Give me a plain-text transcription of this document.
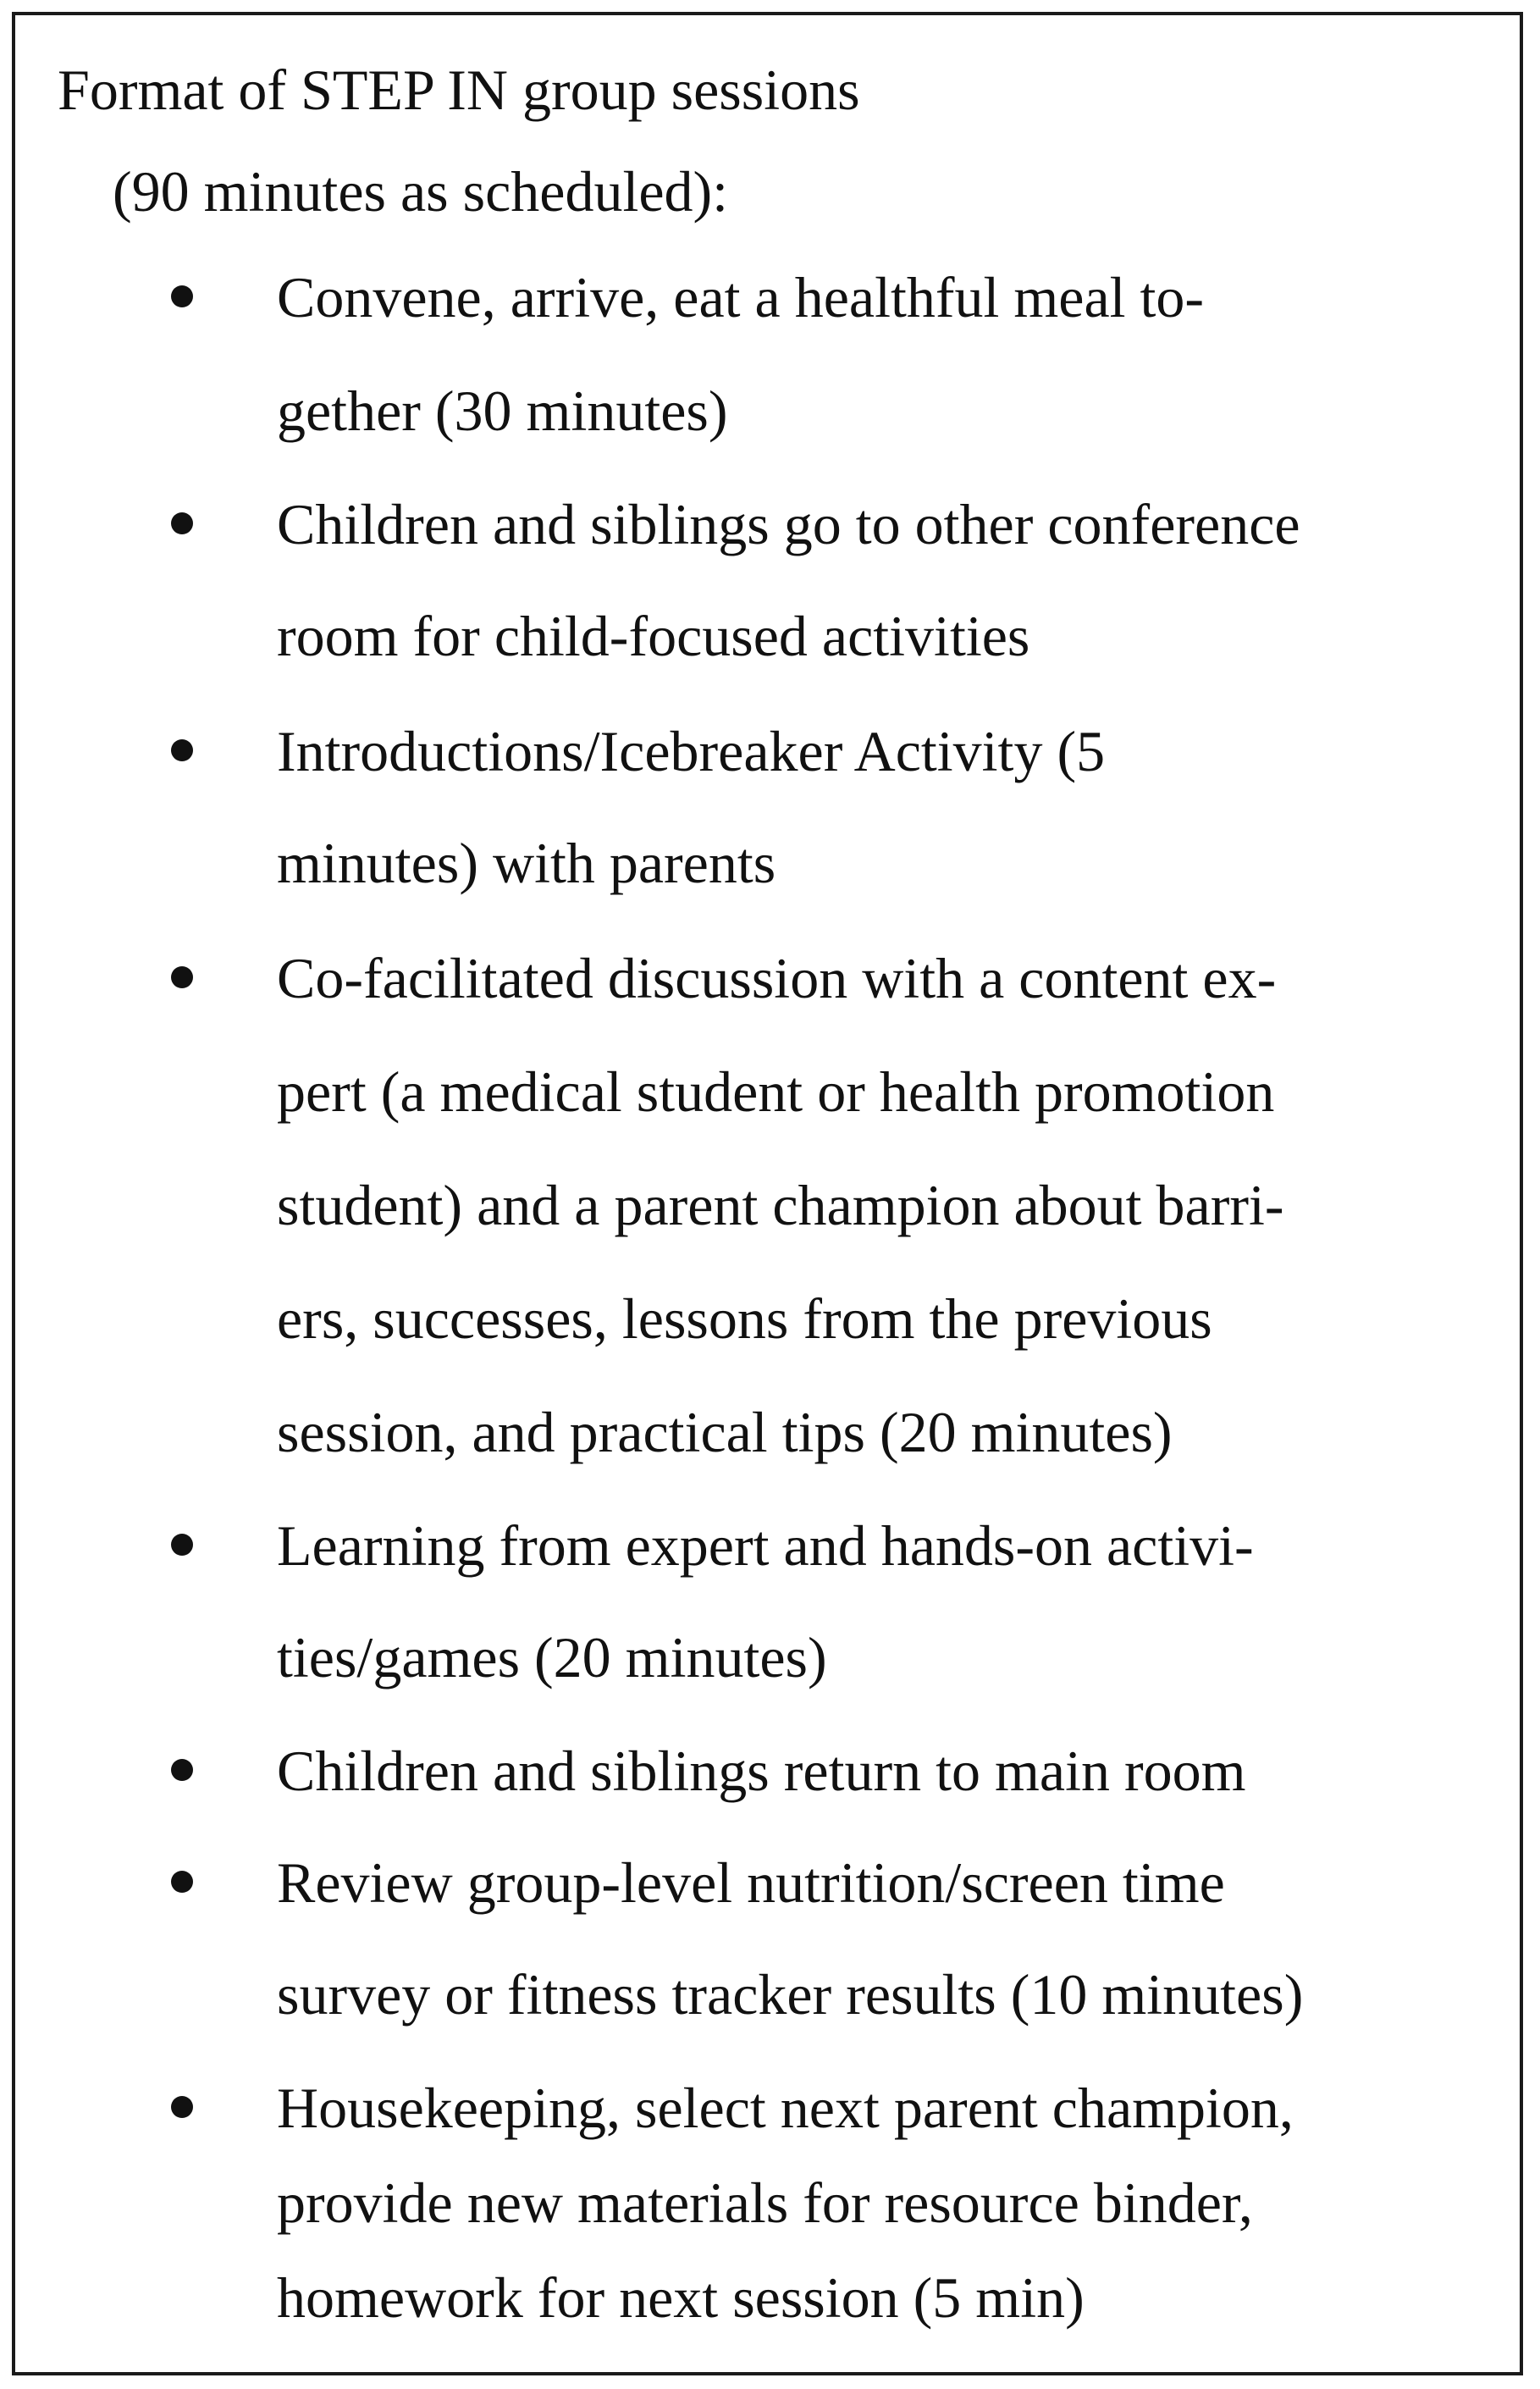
Format of STEP IN group sessions
(90 minutes as scheduled):
Convene, arrive, eat a healthful meal to-
gether (30 minutes)
Children and siblings go to other conference
room for child-focused activities
Introductions/Icebreaker Activity (5
minutes) with parents
Co-facilitated discussion with a content ex-
pert (a medical student or health promotion
student) and a parent champion about barri-
ers, successes, lessons from the previous
session, and practical tips (20 minutes)
Learning from expert and hands-on activi-
ties/games (20 minutes)
Children and siblings return to main room
Review group-level nutrition/screen time
survey or fitness tracker results (10 minutes)
Housekeeping, select next parent champion,
provide new materials for resource binder,
homework for next session (5 min)
